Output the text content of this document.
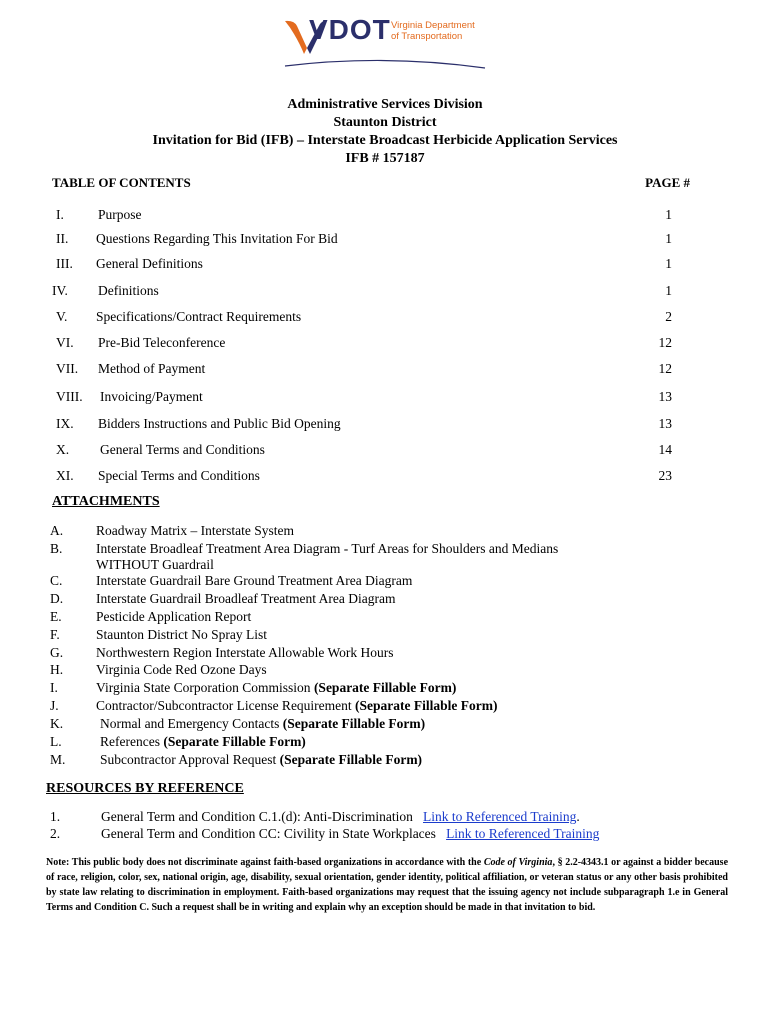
VDOT Virginia Department
of Transportation
Administrative Services Division
Staunton District
Invitation for Bid (IFB) – Interstate Broadcast Herbicide Application Services
IFB # 157187
TABLE OF CONTENTS	PAGE #
I.	Purpose	1
II. Questions Regarding This Invitation For Bid	1
III. General Definitions	1
IV. Definitions	1
V. Specifications/Contract Requirements	2
VI. Pre-Bid Teleconference	12
VII. Method of Payment	12
VIII. Invoicing/Payment	13
IX. Bidders Instructions and Public Bid Opening	13
X. General Terms and Conditions	14
XI. Special Terms and Conditions	23
ATTACHMENTS
A. Roadway Matrix – Interstate System
B. Interstate Broadleaf Treatment Area Diagram - Turf Areas for Shoulders and Medians
WITHOUT Guardrail
C. Interstate Guardrail Bare Ground Treatment Area Diagram
D. Interstate Guardrail Broadleaf Treatment Area Diagram
E.	Pesticide Application Report
F.	Staunton District No Spray List
G. Northwestern Region Interstate Allowable Work Hours
H. Virginia Code Red Ozone Days
I.	Virginia State Corporation Commission (Separate Fillable Form)
J.	Contractor/Subcontractor License Requirement (Separate Fillable Form)
K.	Normal and Emergency Contacts (Separate Fillable Form)
L.	References (Separate Fillable Form)
M.	Subcontractor Approval Request (Separate Fillable Form)
RESOURCES BY REFERENCE
1.	General Term and Condition C.1.(d): Anti-Discrimination Link to Referenced Training.
2.	General Term and Condition CC: Civility in State Workplaces Link to Referenced Training
Note: This public body does not discriminate against faith-based organizations in accordance with the Code of Virginia, § 2.2-4343.1 or against a bidder because of race, religion, color, sex, national origin, age, disability, sexual orientation, gender identity, political affiliation, or veteran status or any other basis prohibited by state law relating to discrimination in employment. Faith-based organizations may request that the issuing agency not include subparagraph 1.e in General Terms and Condition C. Such a request shall be in writing and explain why an exception should be made in that invitation to bid.
